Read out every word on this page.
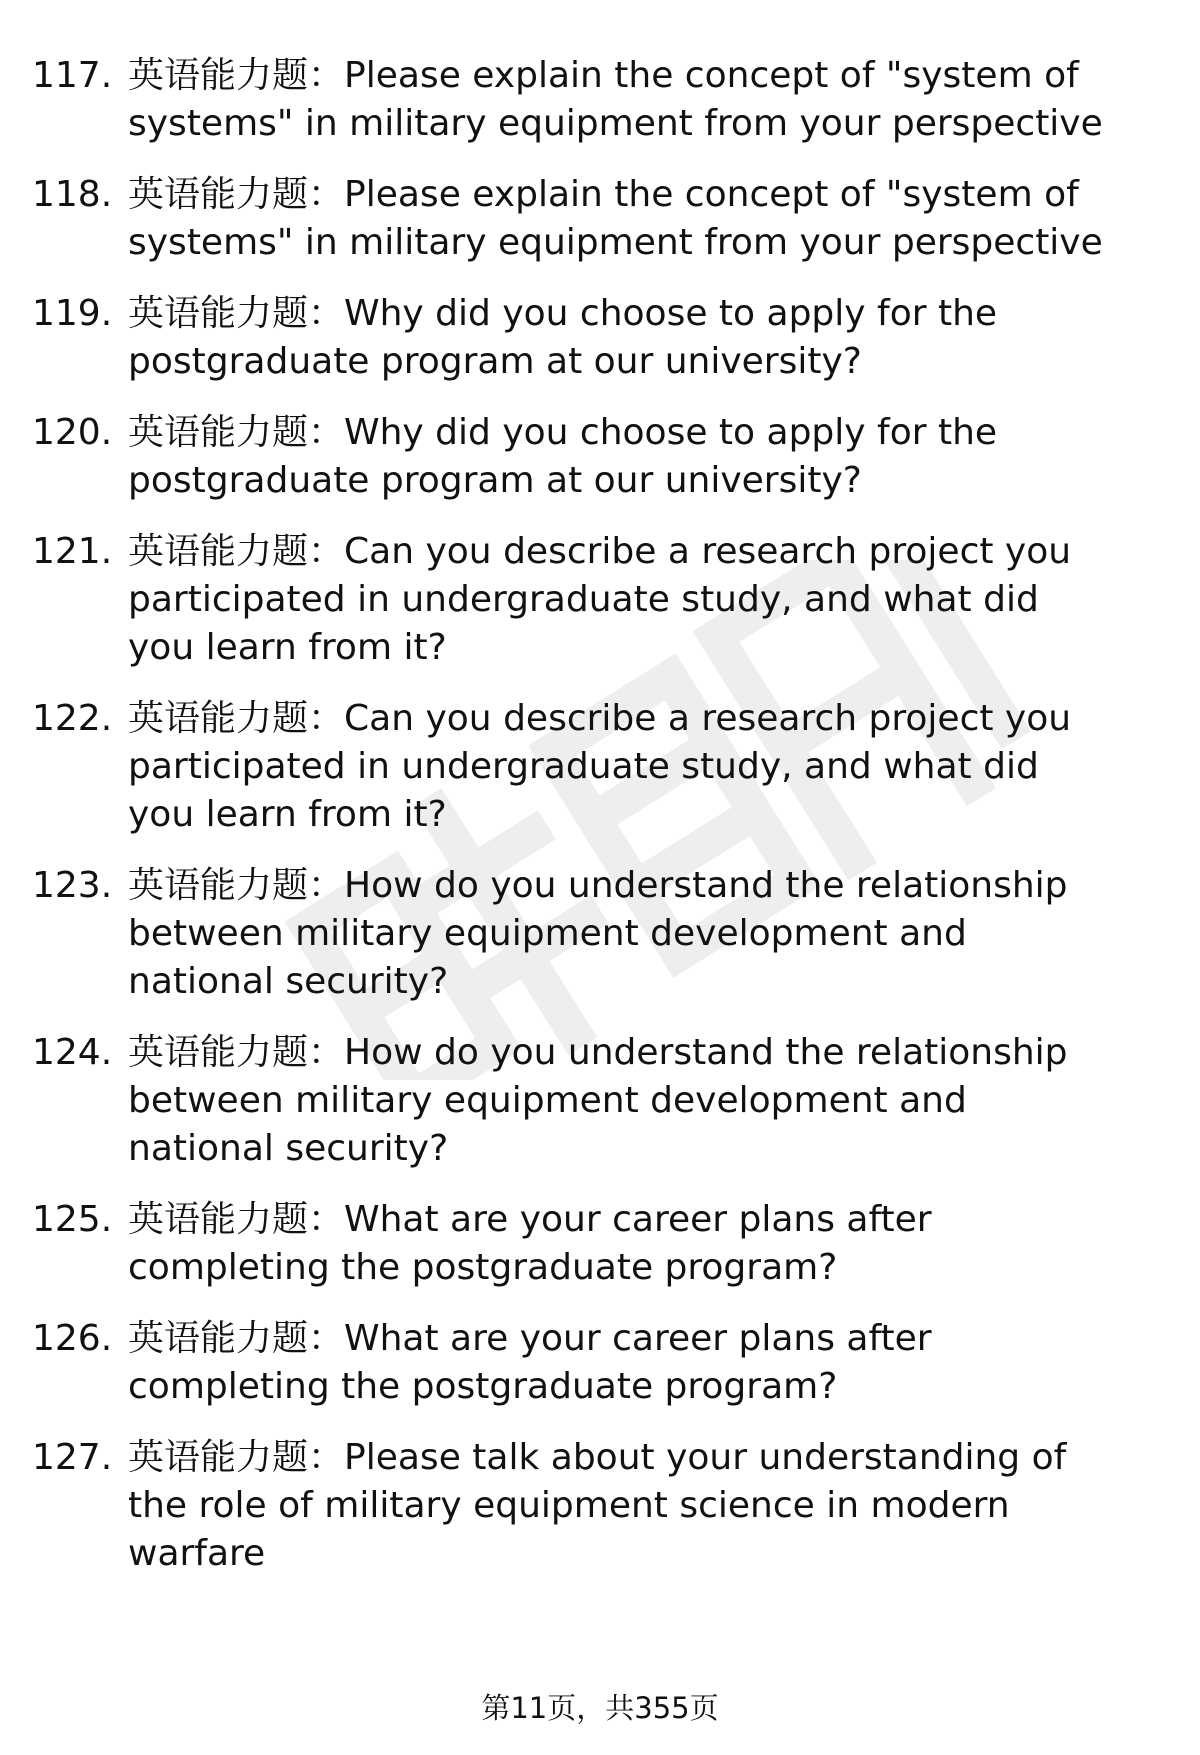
117. 英语能力题：Please explain the concept of "system of systems" in military equipment from your perspective
118. 英语能力题：Please explain the concept of "system of systems" in military equipment from your perspective
119. 英语能力题：Why did you choose to apply for the postgraduate program at our university?
120. 英语能力题：Why did you choose to apply for the postgraduate program at our university?
121. 英语能力题：Can you describe a research project you participated in undergraduate study, and what did you learn from it?
122. 英语能力题：Can you describe a research project you participated in undergraduate study, and what did you learn from it?
123. 英语能力题：How do you understand the relationship between military equipment development and national security?
124. 英语能力题：How do you understand the relationship between military equipment development and national security?
125. 英语能力题：What are your career plans after completing the postgraduate program?
126. 英语能力题：What are your career plans after completing the postgraduate program?
127. 英语能力题：Please talk about your understanding of the role of military equipment science in modern warfare
第11页，共355页
